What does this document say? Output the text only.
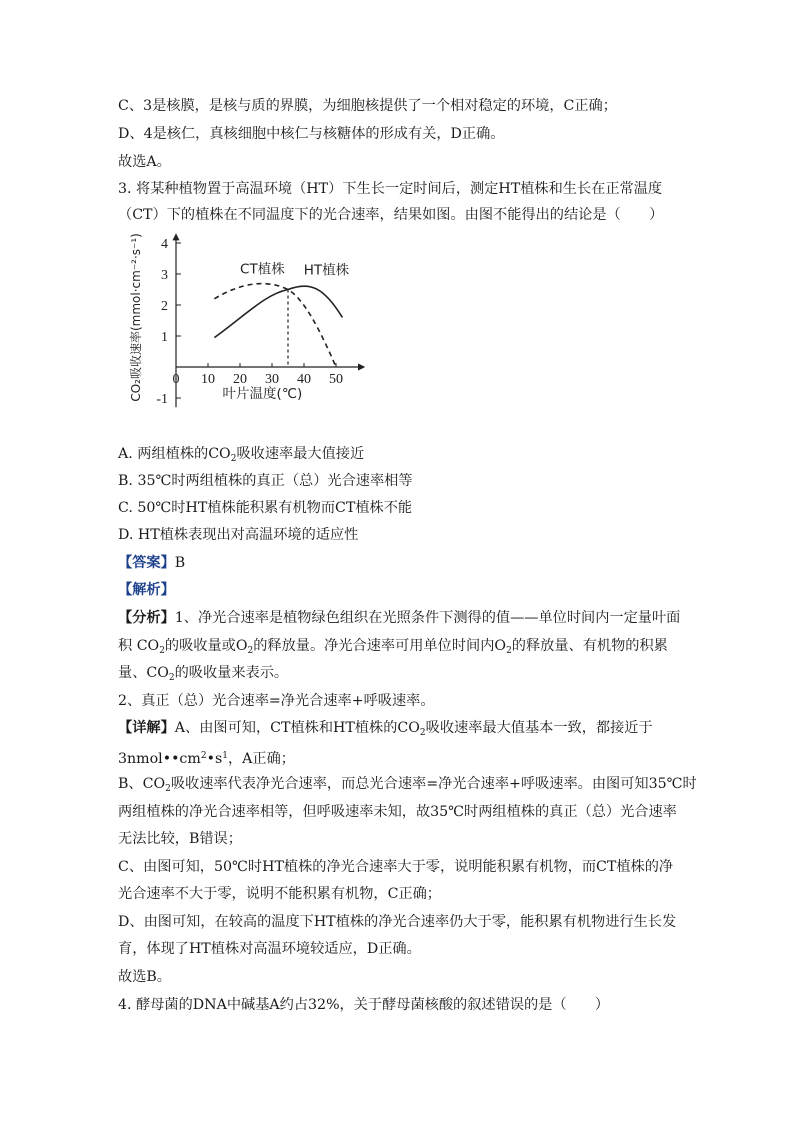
C、3是核膜，是核与质的界膜，为细胞核提供了一个相对稳定的环境，C正确；
D、4是核仁，真核细胞中核仁与核糖体的形成有关，D正确。
故选A。
3. 将某种植物置于高温环境（HT）下生长一定时间后，测定HT植株和生长在正常温度
（CT）下的植株在不同温度下的光合速率，结果如图。由图不能得出的结论是（　　）
-1
1
2
3
4
0 10 20 30 40 50
叶片温度(℃)
CO₂吸收速率(mmol·cm⁻²·s⁻¹)	CT植株 HT植株
A. 两组植株的$CO_2$吸收速率最大值接近
B. 35℃时两组植株的真正（总）光合速率相等
C. 50℃时HT植株能积累有机物而CT植株不能
D. HT植株表现出对高温环境的适应性
【答案】B
【解析】
【分析】1、净光合速率是植物绿色组织在光照条件下测得的值——单位时间内一定量叶面
积 $CO_2$的吸收量或$O_2$的释放量。净光合速率可用单位时间内$O_2$的释放量、有机物的积累
量、$CO_2$的吸收量来表示。
2、真正（总）光合速率=净光合速率+呼吸速率。
【详解】A、由图可知，CT植株和HT植株的$CO_2$吸收速率最大值基本一致，都接近于
$3nmol••cm^2•s^1$，A正确；
B、$CO_2$吸收速率代表净光合速率，而总光合速率=净光合速率+呼吸速率。由图可知35℃时
两组植株的净光合速率相等，但呼吸速率未知，故35℃时两组植株的真正（总）光合速率
无法比较，B错误；
C、由图可知，50℃时HT植株的净光合速率大于零，说明能积累有机物，而CT植株的净
光合速率不大于零，说明不能积累有机物，C正确；
D、由图可知，在较高的温度下HT植株的净光合速率仍大于零，能积累有机物进行生长发
育，体现了HT植株对高温环境较适应，D正确。
故选B。
4. 酵母菌的DNA中碱基A约占32%，关于酵母菌核酸的叙述错误的是（　　）
